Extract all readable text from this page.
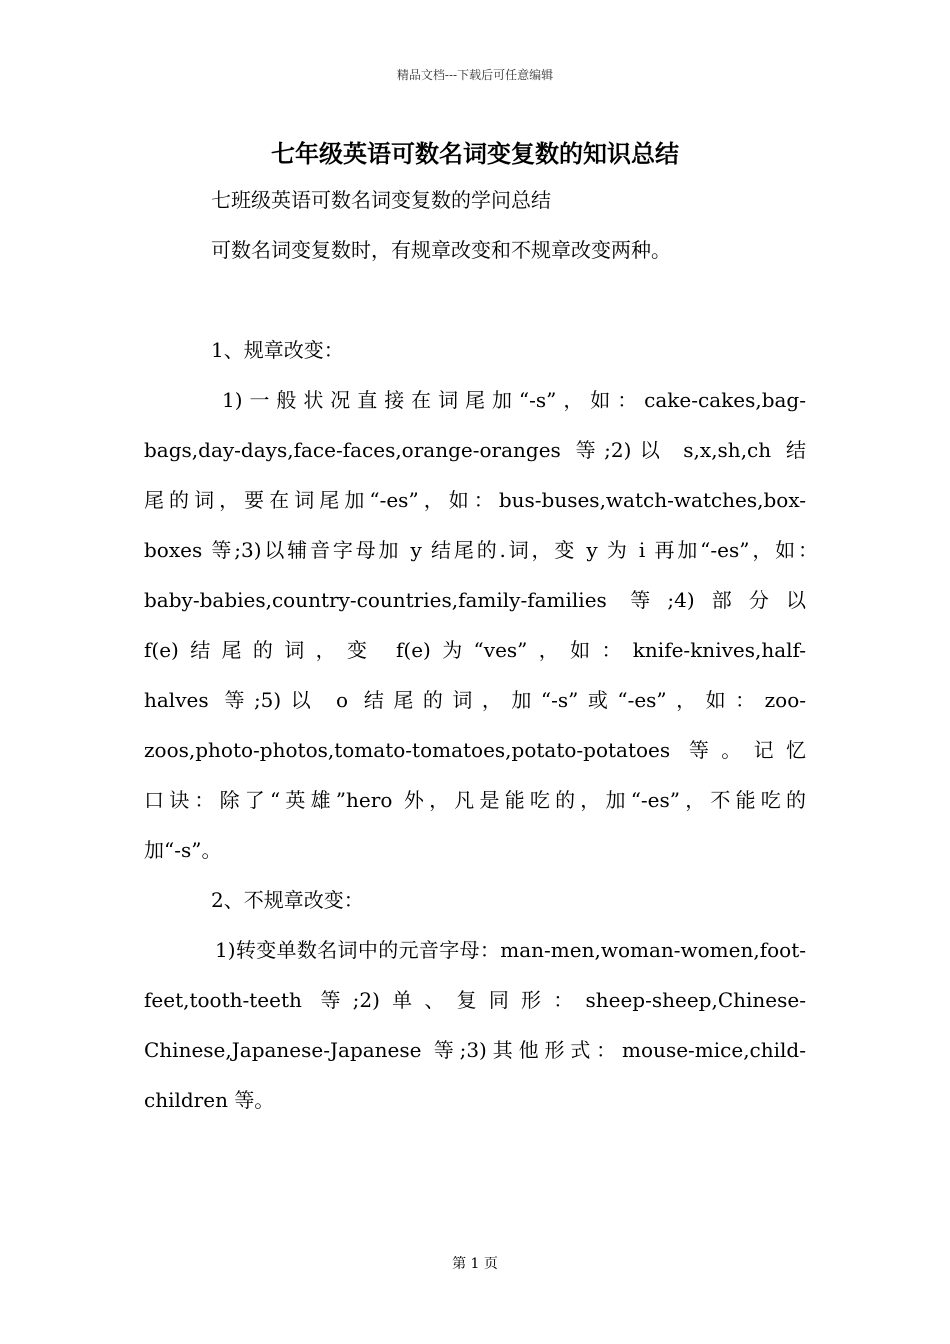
精品文档---下载后可任意编辑
七年级英语可数名词变复数的知识总结
七班级英语可数名词变复数的学问总结
可数名词变复数时，有规章改变和不规章改变两种。
1、规章改变：
1)一般状况直接在词尾加“-s”，如：cake-cakes,bag-
bags,day-days,face-faces,orange-oranges 等;2)以 s,x,sh,ch 结
尾的词，要在词尾加“-es”，如：bus-buses,watch-watches,box-
boxes 等;3)以辅音字母加 y 结尾的.词，变 y 为 i 再加“-es”，如：
baby-babies,country-countries,family-families 等;4)部分以
f(e)结尾的词，变 f(e)为“ves”，如：knife-knives,half-
halves 等;5)以 o 结尾的词，加“-s”或“-es”，如：zoo-
zoos,photo-photos,tomato-tomatoes,potato-potatoes 等。记忆
口诀：除了“英雄”hero 外，凡是能吃的，加“-es”，不能吃的
加“-s”。
2、不规章改变：
1)转变单数名词中的元音字母：man-men,woman-women,foot-
feet,tooth-teeth 等;2)单、复同形：sheep-sheep,Chinese-
Chinese,Japanese-Japanese 等;3)其他形式：mouse-mice,child-
children 等。
第 1 页
